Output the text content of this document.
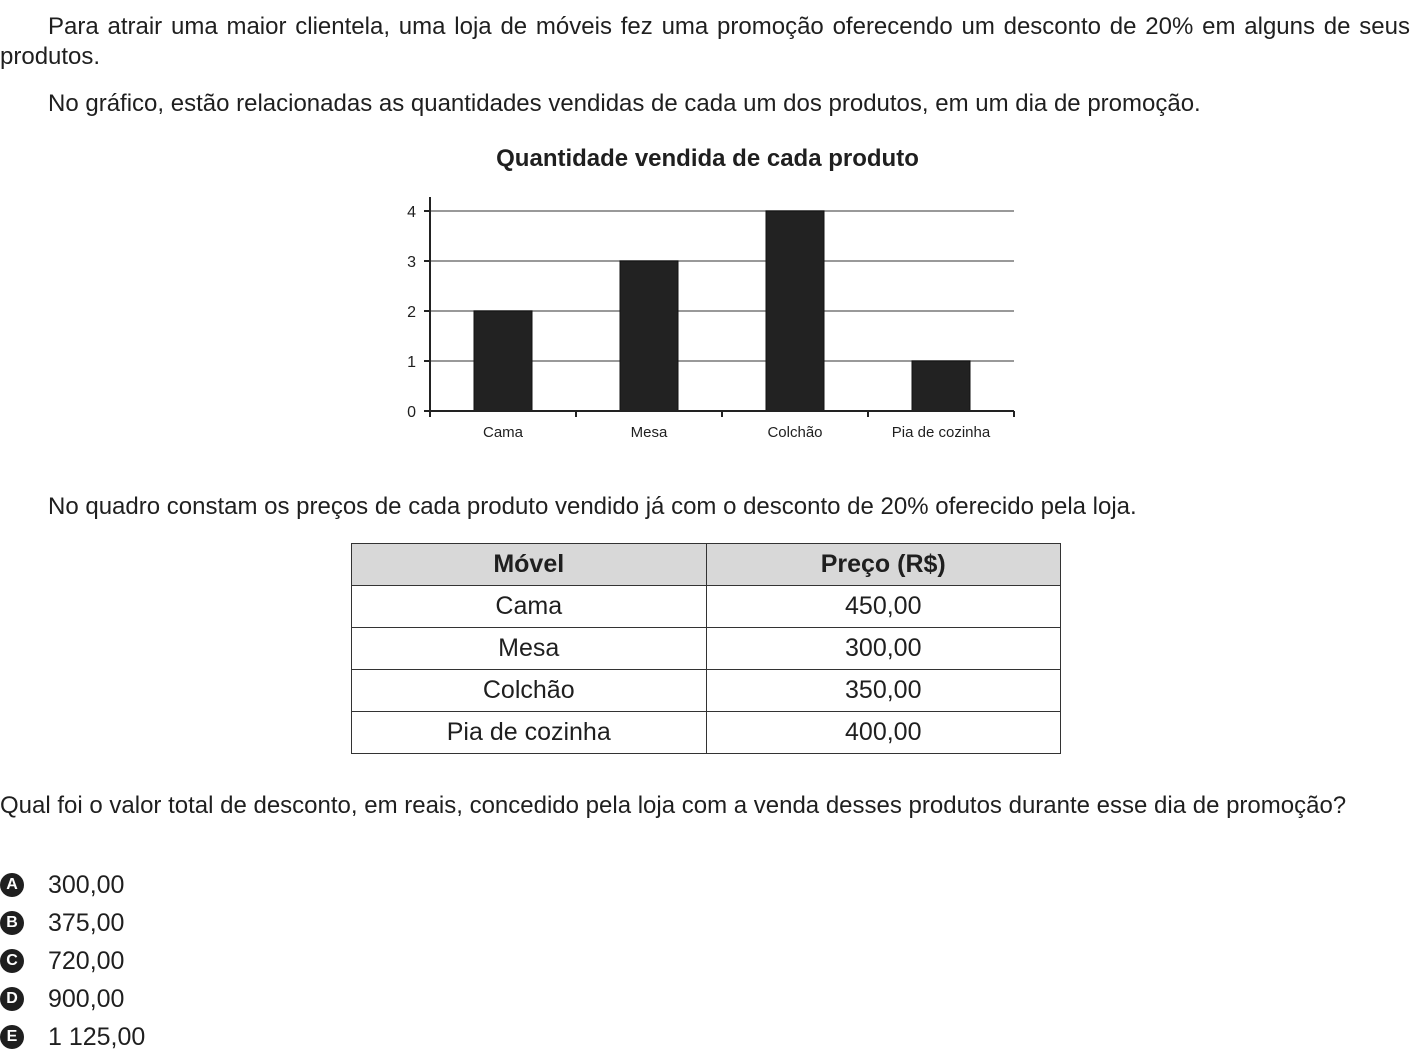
Para atrair uma maior clientela, uma loja de móveis fez uma promoção oferecendo um desconto de 20% em alguns de seus produtos.

No gráfico, estão relacionadas as quantidades vendidas de cada um dos produtos, em um dia de promoção.

Quantidade vendida de cada produto
0
1
2
3
4
Cama	Mesa	Colchão	Pia de cozinha

No quadro constam os preços de cada produto vendido já com o desconto de 20% oferecido pela loja.

Móvel	Preço (R$)
Cama	450,00
Mesa	300,00
Colchão	350,00
Pia de cozinha	400,00

Qual foi o valor total de desconto, em reais, concedido pela loja com a venda desses produtos durante esse dia de promoção?

A 300,00
B 375,00
C 720,00
D 900,00
E 1 125,00
